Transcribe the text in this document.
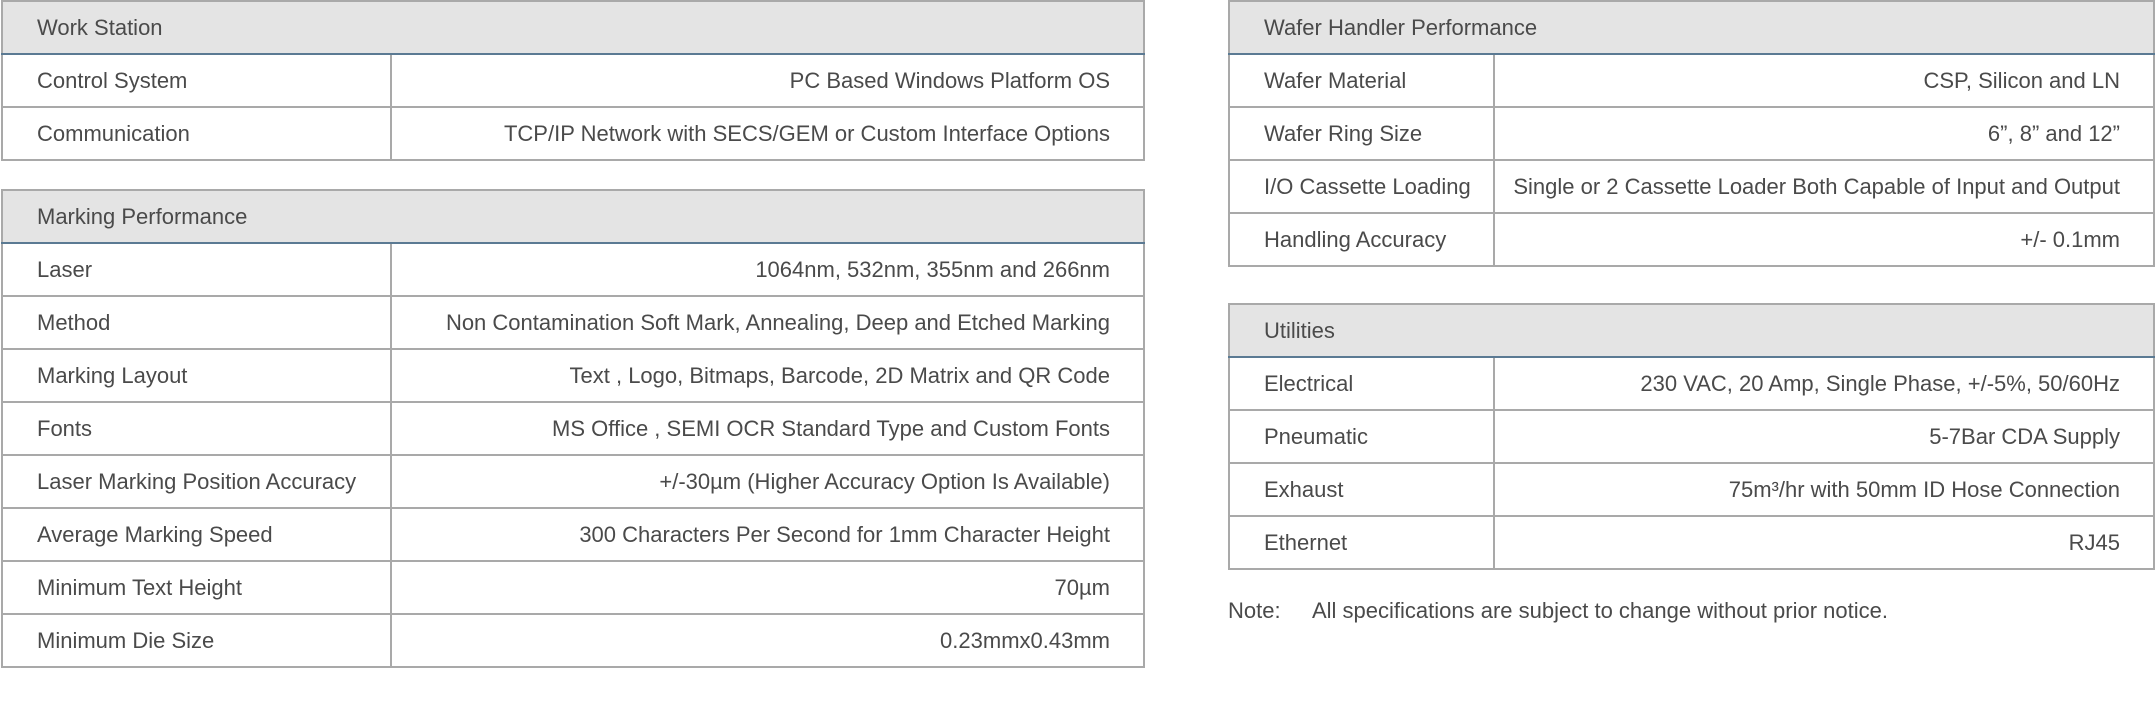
Work Station	
Control System	PC Based Windows Platform OS
Communication	TCP/IP Network with SECS/GEM or Custom Interface Options
Marking Performance	
Laser	1064nm, 532nm, 355nm and 266nm
Method	Non Contamination Soft Mark, Annealing, Deep and Etched Marking
Marking Layout	Text , Logo, Bitmaps, Barcode, 2D Matrix and QR Code
Fonts	MS Office , SEMI OCR Standard Type and Custom Fonts
Laser Marking Position Accuracy	+/-30µm (Higher Accuracy Option Is Available)
Average Marking Speed	300 Characters Per Second for 1mm Character Height
Minimum Text Height	70µm
Minimum Die Size	0.23mmx0.43mm
Wafer Handler Performance	
Wafer Material	CSP, Silicon and LN
Wafer Ring Size	6”, 8” and 12”
I/O Cassette Loading	Single or 2 Cassette Loader Both Capable of Input and Output
Handling Accuracy	+/- 0.1mm
Utilities	
Electrical	230 VAC, 20 Amp, Single Phase, +/-5%, 50/60Hz
Pneumatic	5-7Bar CDA Supply
Exhaust	75m³/hr with 50mm ID Hose Connection
Ethernet	RJ45
Note: All specifications are subject to change without prior notice.
